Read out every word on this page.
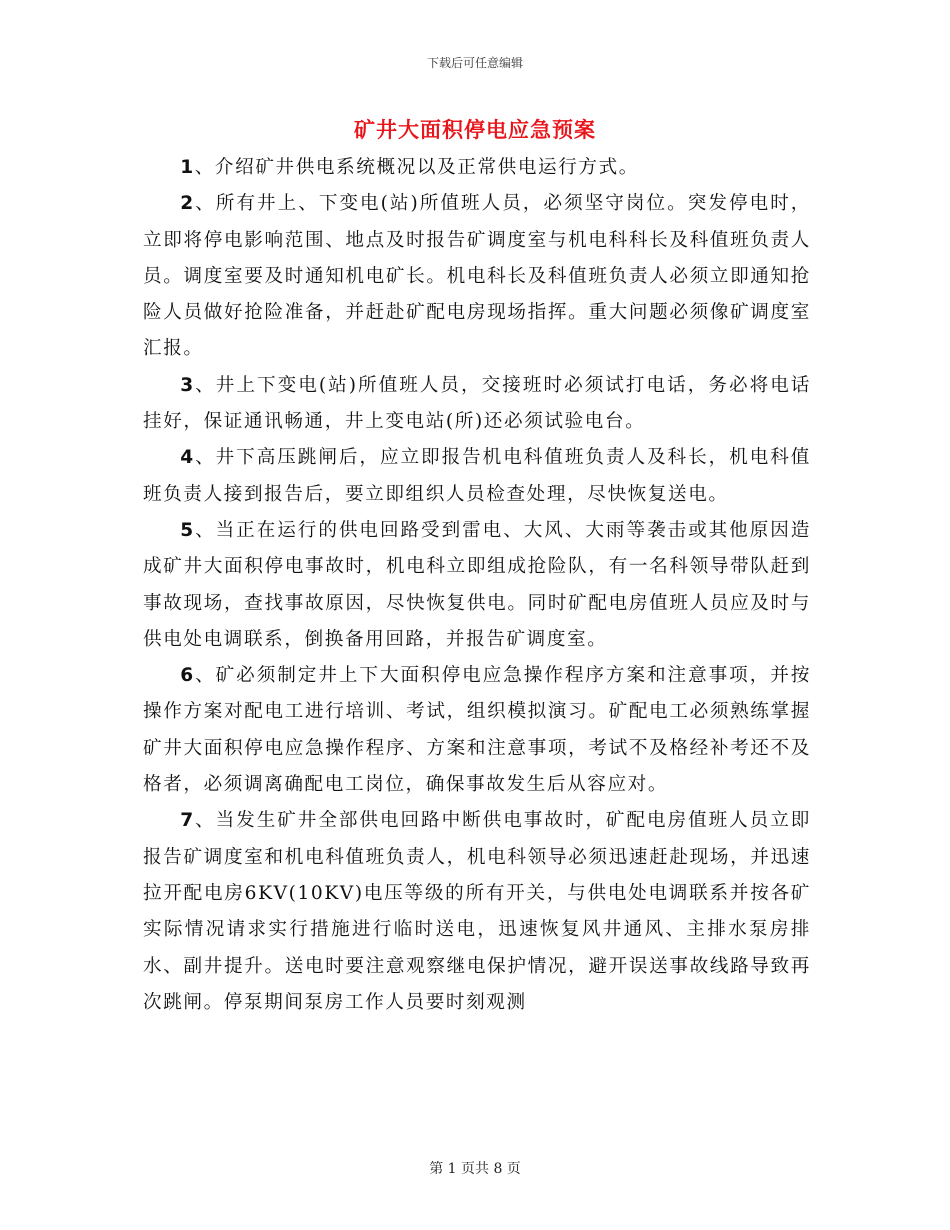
下载后可任意编辑
矿井大面积停电应急预案

1、介绍矿井供电系统概况以及正常供电运行方式。

2、所有井上、下变电(站)所值班人员，必须坚守岗位。突发停电时，立即将停电影响范围、地点及时报告矿调度室与机电科科长及科值班负责人员。调度室要及时通知机电矿长。机电科长及科值班负责人必须立即通知抢险人员做好抢险准备，并赶赴矿配电房现场指挥。重大问题必须像矿调度室汇报。

3、井上下变电(站)所值班人员，交接班时必须试打电话，务必将电话挂好，保证通讯畅通，井上变电站(所)还必须试验电台。

4、井下高压跳闸后，应立即报告机电科值班负责人及科长，机电科值班负责人接到报告后，要立即组织人员检查处理，尽快恢复送电。

5、当正在运行的供电回路受到雷电、大风、大雨等袭击或其他原因造成矿井大面积停电事故时，机电科立即组成抢险队，有一名科领导带队赶到事故现场，查找事故原因，尽快恢复供电。同时矿配电房值班人员应及时与供电处电调联系，倒换备用回路，并报告矿调度室。

6、矿必须制定井上下大面积停电应急操作程序方案和注意事项，并按操作方案对配电工进行培训、考试，组织模拟演习。矿配电工必须熟练掌握矿井大面积停电应急操作程序、方案和注意事项，考试不及格经补考还不及格者，必须调离确配电工岗位，确保事故发生后从容应对。

7、当发生矿井全部供电回路中断供电事故时，矿配电房值班人员立即报告矿调度室和机电科值班负责人，机电科领导必须迅速赶赴现场，并迅速拉开配电房6KV(10KV)电压等级的所有开关，与供电处电调联系并按各矿实际情况请求实行措施进行临时送电，迅速恢复风井通风、主排水泵房排水、副井提升。送电时要注意观察继电保护情况，避开误送事故线路导致再次跳闸。停泵期间泵房工作人员要时刻观测

第 1 页共 8 页
